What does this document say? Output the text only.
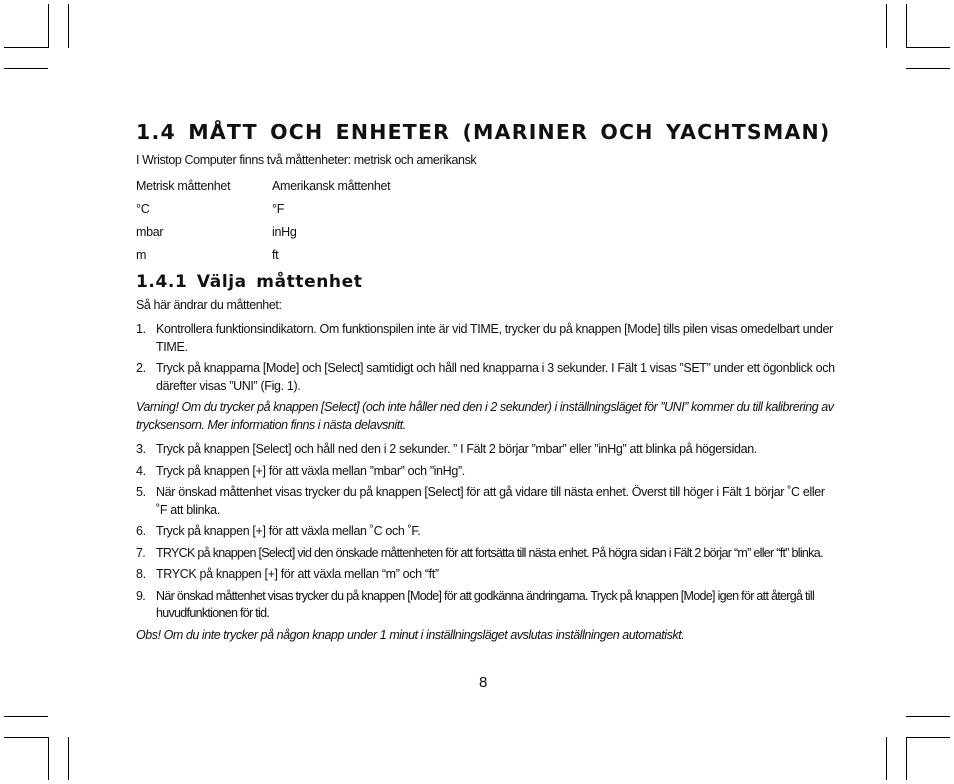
1.4 MÅTT OCH ENHETER (MARINER OCH YACHTSMAN)
I Wristop Computer finns två måttenheter: metrisk och amerikansk
Metrisk måttenhet	Amerikansk måttenhet
°C	°F
mbar	inHg
m	ft
1.4.1 Välja måttenhet
Så här ändrar du måttenhet:
1. Kontrollera funktionsindikatorn. Om funktionspilen inte är vid TIME, trycker du på knappen [Mode] tills pilen visas omedelbart under TIME.
2. Tryck på knapparna [Mode] och [Select] samtidigt och håll ned knapparna i 3 sekunder. I Fält 1 visas ”SET” under ett ögonblick och därefter visas ”UNI” (Fig. 1).
Varning! Om du trycker på knappen [Select] (och inte håller ned den i 2 sekunder) i inställningsläget för ”UNI” kommer du till kalibrering av trycksensorn. Mer information finns i nästa delavsnitt.
3. Tryck på knappen [Select] och håll ned den i 2 sekunder. ” I Fält 2 börjar ”mbar” eller ”inHg” att blinka på högersidan.
4. Tryck på knappen [+] för att växla mellan ”mbar” och ”inHg”.
5. När önskad måttenhet visas trycker du på knappen [Select] för att gå vidare till nästa enhet. Överst till höger i Fält 1 börjar ˚C eller ˚F att blinka.
6. Tryck på knappen [+] för att växla mellan ˚C och ˚F.
7. TRYCK på knappen [Select] vid den önskade måttenheten för att fortsätta till nästa enhet. På högra sidan i Fält 2 börjar “m” eller “ft” blinka.
8. TRYCK på knappen [+] för att växla mellan “m” och “ft”
9. När önskad måttenhet visas trycker du på knappen [Mode] för att godkänna ändringarna. Tryck på knappen [Mode] igen för att återgå till huvudfunktionen för tid.
Obs! Om du inte trycker på någon knapp under 1 minut i inställningsläget avslutas inställningen automatiskt.
8
